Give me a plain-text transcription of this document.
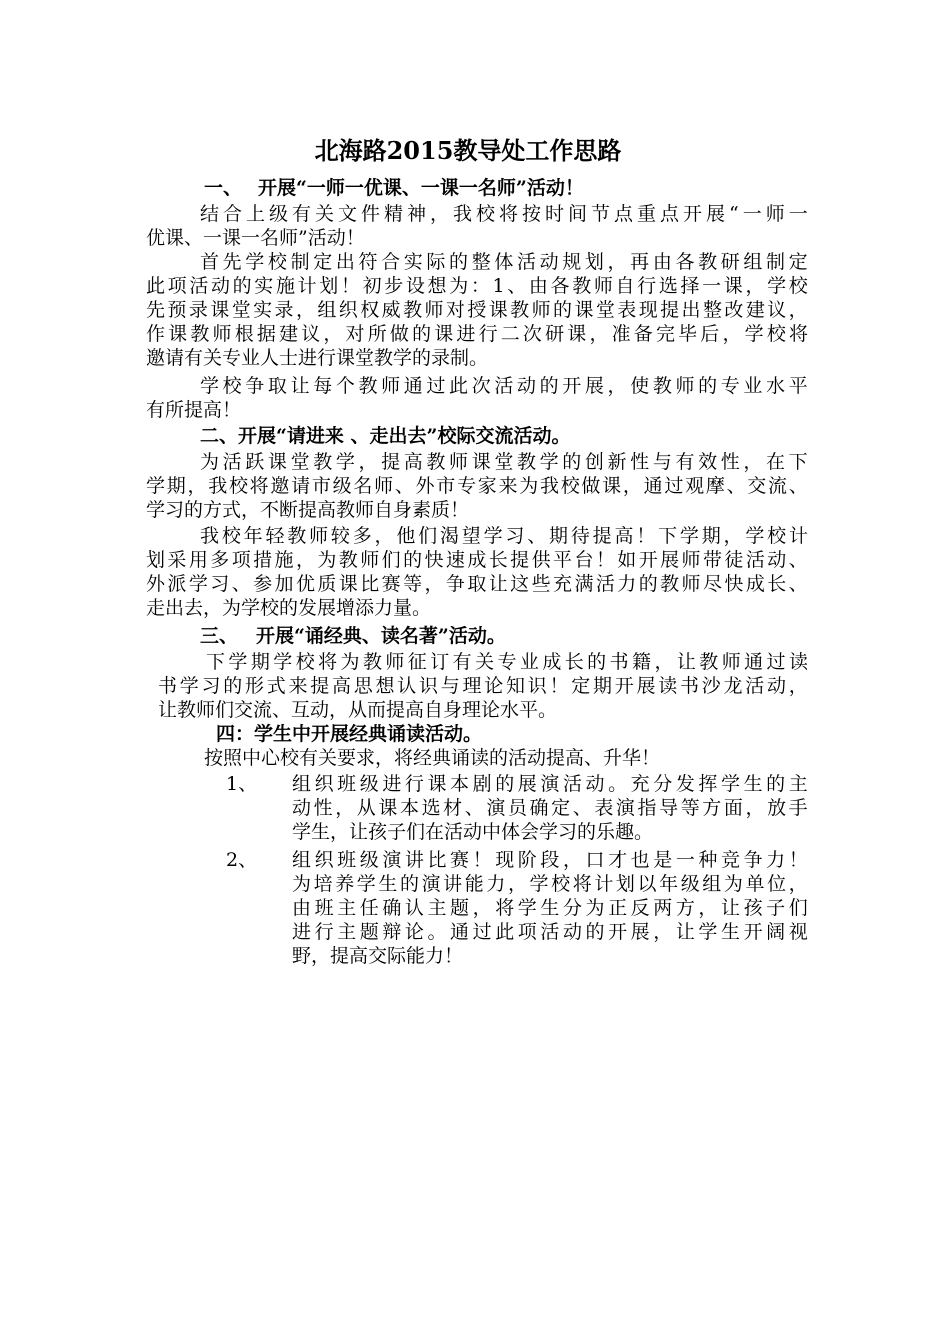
北海路2015教导处工作思路
一、 开展“一师一优课、一课一名师”活动！
结 合 上 级 有 关 文 件 精 神 ， 我 校 将 按 时 间 节 点 重 点 开 展 “ 一 师 一
优课、一课一名师”活动！
首 先 学 校 制 定 出 符 合 实 际 的 整 体 活 动 规 划 ， 再 由 各 教 研 组 制 定
此 项 活 动 的 实 施 计 划 ！ 初 步 设 想 为 ： 1 、 由 各 教 师 自 行 选 择 一 课 ， 学 校
先 预 录 课 堂 实 录 ， 组 织 权 威 教 师 对 授 课 教 师 的 课 堂 表 现 提 出 整 改 建 议 ，
作 课 教 师 根 据 建 议 ， 对 所 做 的 课 进 行 二 次 研 课 ， 准 备 完 毕 后 ， 学 校 将
邀请有关专业人士进行课堂教学的录制。
学 校 争 取 让 每 个 教 师 通 过 此 次 活 动 的 开 展 ， 使 教 师 的 专 业 水 平
有所提高！
二、开展“请进来 、走出去”校际交流活动。
为 活 跃 课 堂 教 学 ， 提 高 教 师 课 堂 教 学 的 创 新 性 与 有 效 性 ， 在 下
学 期 ， 我 校 将 邀 请 市 级 名 师 、 外 市 专 家 来 为 我 校 做 课 ， 通 过 观 摩 、 交 流 、
学习的方式，不断提高教师自身素质！
我 校 年 轻 教 师 较 多 ， 他 们 渴 望 学 习 、 期 待 提 高 ！ 下 学 期 ， 学 校 计
划 采 用 多 项 措 施 ， 为 教 师 们 的 快 速 成 长 提 供 平 台 ！ 如 开 展 师 带 徒 活 动 、
外 派 学 习 、 参 加 优 质 课 比 赛 等 ， 争 取 让 这 些 充 满 活 力 的 教 师 尽 快 成 长 、
走出去，为学校的发展增添力量。
三、 开展“诵经典、读名著”活动。
下 学 期 学 校 将 为 教 师 征 订 有 关 专 业 成 长 的 书 籍 ， 让 教 师 通 过 读
书 学 习 的 形 式 来 提 高 思 想 认 识 与 理 论 知 识 ！ 定 期 开 展 读 书 沙 龙 活 动 ，
让教师们交流、互动，从而提高自身理论水平。
四：学生中开展经典诵读活动。
按照中心校有关要求，将经典诵读的活动提高、升华！
1、 组 织 班 级 进 行 课 本 剧 的 展 演 活 动 。 充 分 发 挥 学 生 的 主
动 性 ， 从 课 本 选 材 、 演 员 确 定 、 表 演 指 导 等 方 面 ， 放 手
学生，让孩子们在活动中体会学习的乐趣。
2、 组 织 班 级 演 讲 比 赛 ！ 现 阶 段 ， 口 才 也 是 一 种 竞 争 力 ！
为 培 养 学 生 的 演 讲 能 力 ， 学 校 将 计 划 以 年 级 组 为 单 位 ，
由 班 主 任 确 认 主 题 ， 将 学 生 分 为 正 反 两 方 ， 让 孩 子 们
进 行 主 题 辩 论 。 通 过 此 项 活 动 的 开 展 ， 让 学 生 开 阔 视
野，提高交际能力！
